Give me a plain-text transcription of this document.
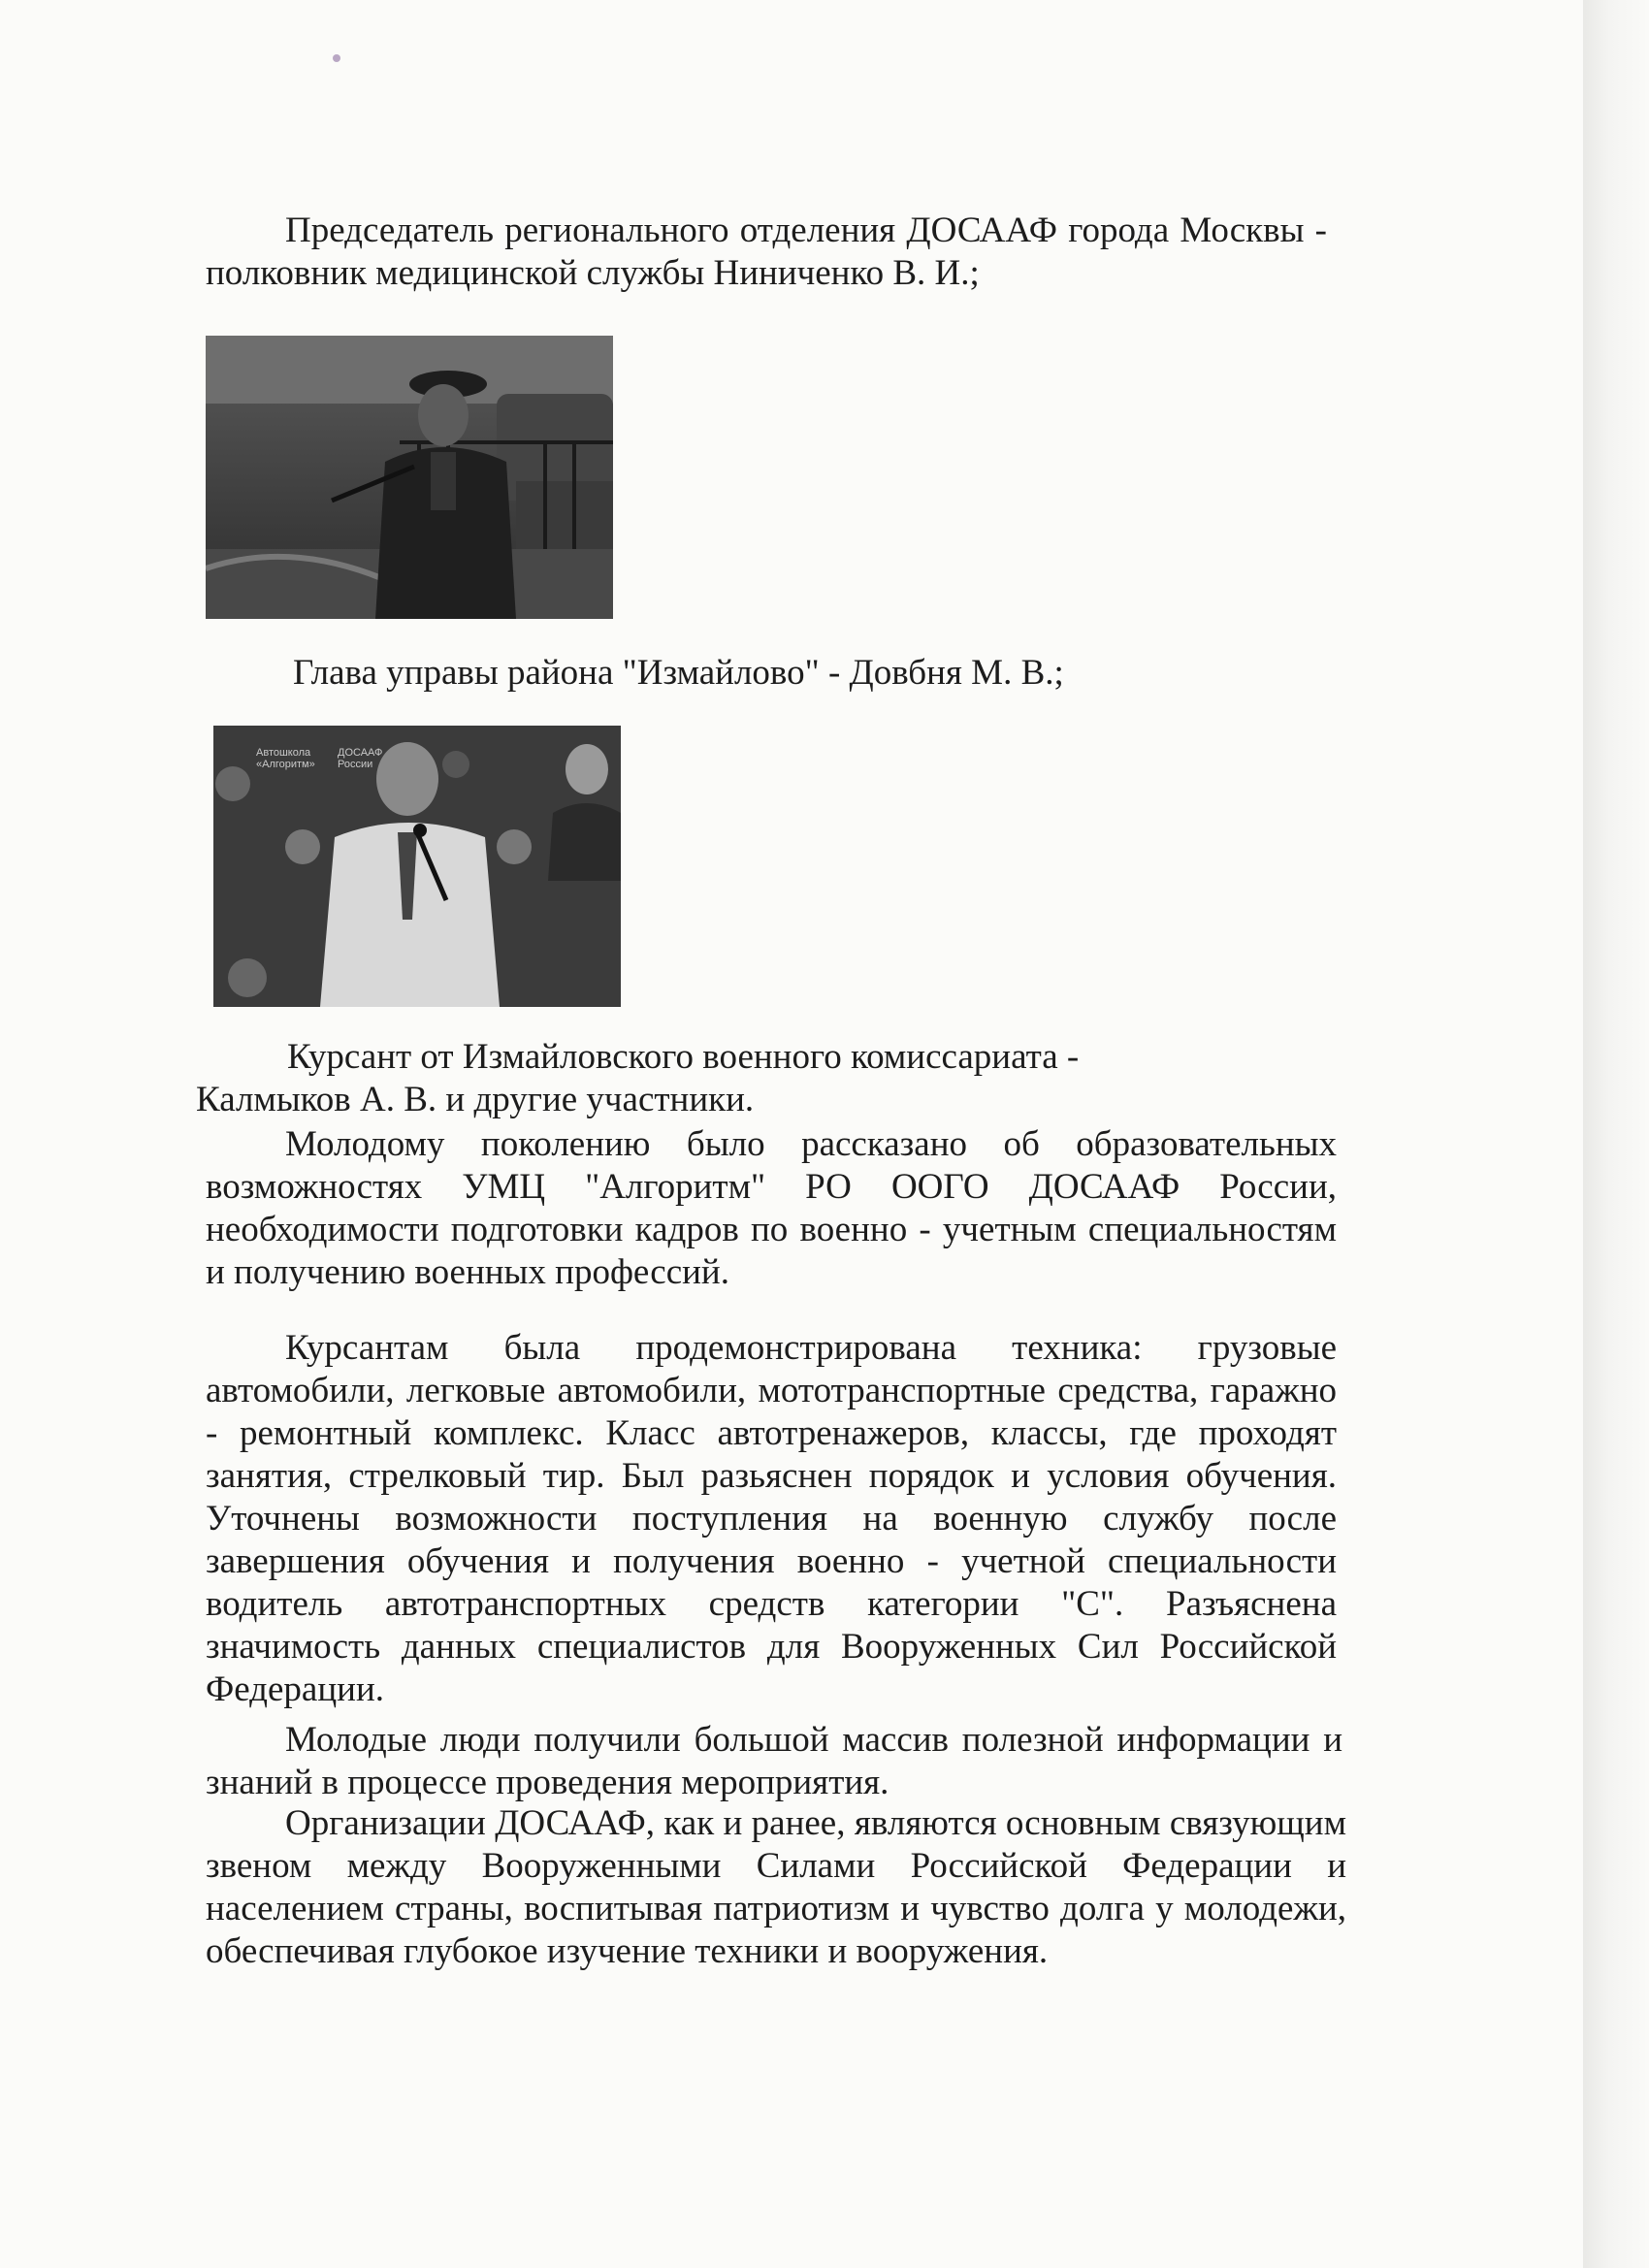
Председатель регионального отделения ДОСААФ города Москвы - полковник медицинской службы Ниниченко В. И.;

Глава управы района "Измайлово" - Довбня М. В.;

Автошкола
«Алгоритм»
ДОСААФ
России

Курсант от Измайловского военного комиссариата -

Калмыков А. В. и другие участники.

Молодому поколению было рассказано об образовательных возможностях УМЦ "Алгоритм" РО ООГО ДОСААФ России, необходимости подготовки кадров по военно - учетным специальностям и получению военных профессий.

Курсантам была продемонстрирована техника: грузовые автомобили, легковые автомобили, мототранспортные средства, гаражно - ремонтный комплекс. Класс автотренажеров, классы, где проходят занятия, стрелковый тир. Был разьяснен порядок и условия обучения. Уточнены возможности поступления на военную службу после завершения обучения и получения военно - учетной специальности водитель автотранспортных средств категории "С". Разъяснена значимость данных специалистов для Вооруженных Сил Российской Федерации.

Молодые люди получили большой массив полезной информации и знаний в процессе проведения мероприятия.

Организации ДОСААФ, как и ранее, являются основным связующим звеном между Вооруженными Силами Российской Федерации и населением страны, воспитывая патриотизм и чувство долга у молодежи, обеспечивая глубокое изучение техники и вооружения.
